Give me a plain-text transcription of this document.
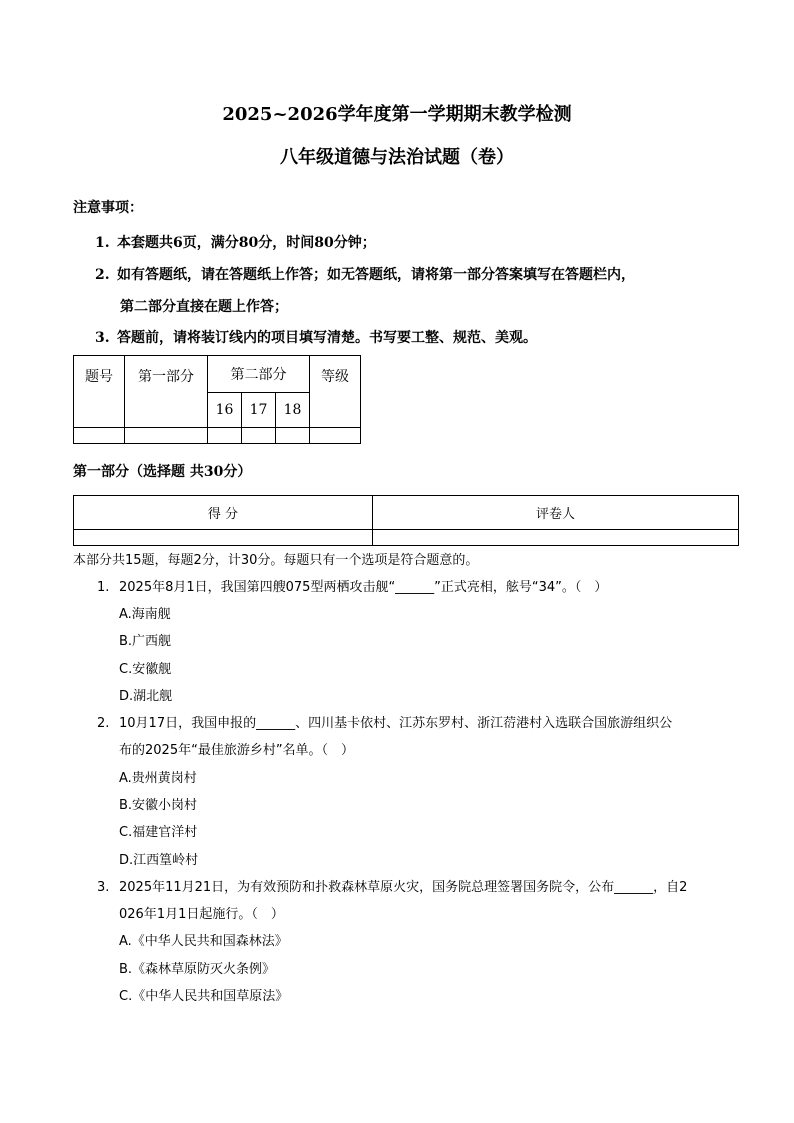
2025~2026学年度第一学期期末教学检测
八年级道德与法治试题（卷）
注意事项：
1. 本套题共6页，满分80分，时间80分钟；
2. 如有答题纸，请在答题纸上作答；如无答题纸，请将第一部分答案填写在答题栏内，
第二部分直接在题上作答；
3. 答题前，请将装订线内的项目填写清楚。书写要工整、规范、美观。
题号	第一部分	第二部分			等级
		16	17	18	

第一部分（选择题 共30分）
得 分	评卷人

本部分共15题，每题2分，计30分。每题只有一个选项是符合题意的。
1. 2025年8月1日，我国第四艘075型两栖攻击舰“______”正式亮相，舷号“34”。（　）
A.海南舰
B.广西舰
C.安徽舰
D.湖北舰
2. 10月17日，我国申报的______、四川基卡依村、江苏东罗村、浙江葕港村入选联合国旅游组织公
布的2025年“最佳旅游乡村”名单。（　）
A.贵州黄岗村
B.安徽小岗村
C.福建官洋村
D.江西篁岭村
3. 2025年11月21日，为有效预防和扑救森林草原火灾，国务院总理签署国务院令，公布______，自2
026年1月1日起施行。（　）
A.《中华人民共和国森林法》
B.《森林草原防灭火条例》
C.《中华人民共和国草原法》
